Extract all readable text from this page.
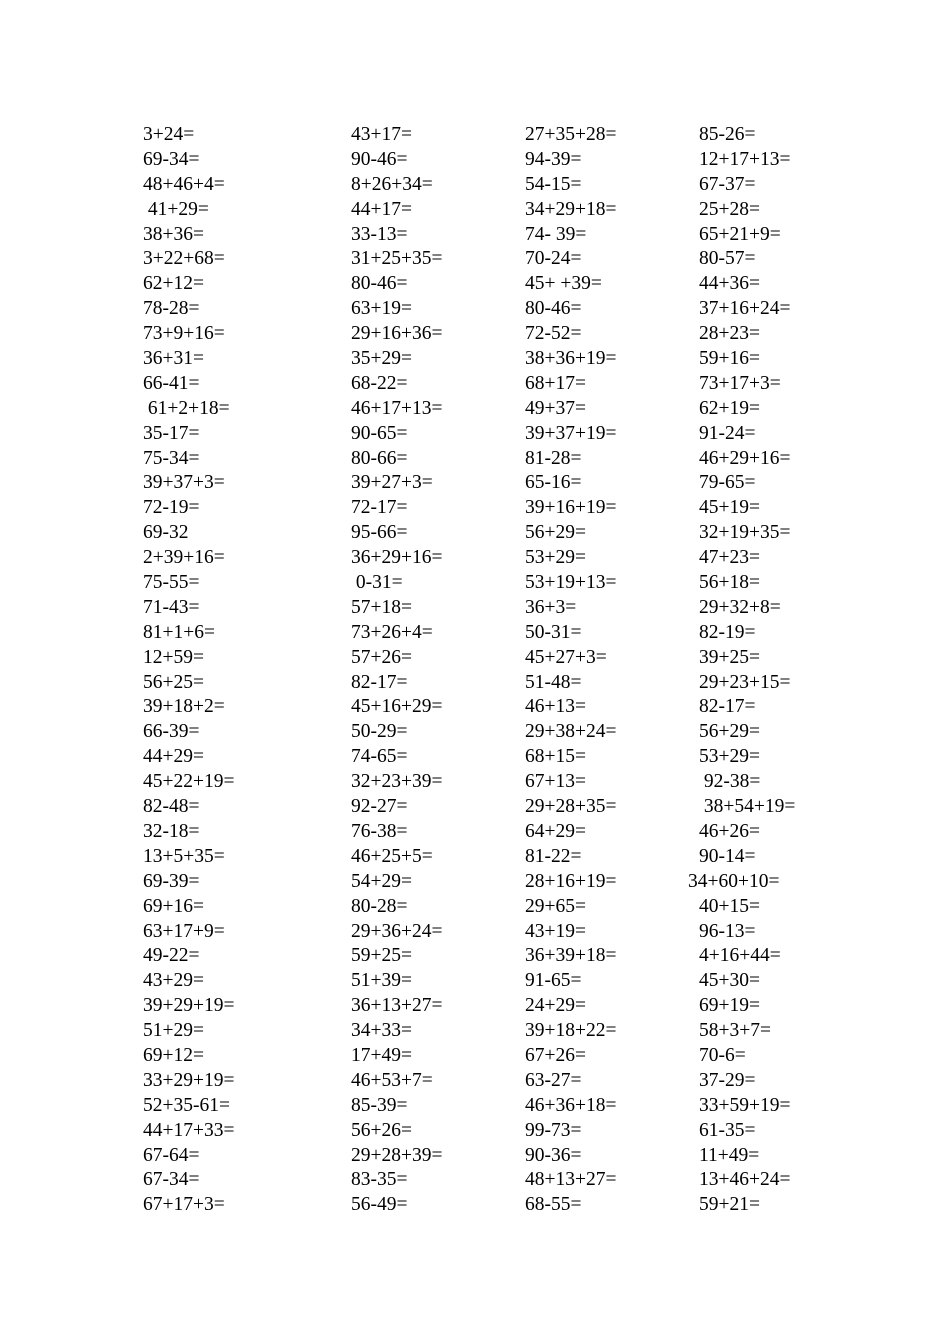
3+24=
69-34=
48+46+4=
41+29=
38+36=
3+22+68=
62+12=
78-28=
73+9+16=
36+31=
66-41=
61+2+18=
35-17=
75-34=
39+37+3=
72-19=
69-32
2+39+16=
75-55=
71-43=
81+1+6=
12+59=
56+25=
39+18+2=
66-39=
44+29=
45+22+19=
82-48=
32-18=
13+5+35=
69-39=
69+16=
63+17+9=
49-22=
43+29=
39+29+19=
51+29=
69+12=
33+29+19=
52+35-61=
44+17+33=
67-64=
67-34=
67+17+3=
43+17=
90-46=
8+26+34=
44+17=
33-13=
31+25+35=
80-46=
63+19=
29+16+36=
35+29=
68-22=
46+17+13=
90-65=
80-66=
39+27+3=
72-17=
95-66=
36+29+16=
0-31=
57+18=
73+26+4=
57+26=
82-17=
45+16+29=
50-29=
74-65=
32+23+39=
92-27=
76-38=
46+25+5=
54+29=
80-28=
29+36+24=
59+25=
51+39=
36+13+27=
34+33=
17+49=
46+53+7=
85-39=
56+26=
29+28+39=
83-35=
56-49=
27+35+28=
94-39=
54-15=
34+29+18=
74- 39=
70-24=
45+ +39=
80-46=
72-52=
38+36+19=
68+17=
49+37=
39+37+19=
81-28=
65-16=
39+16+19=
56+29=
53+29=
53+19+13=
36+3=
50-31=
45+27+3=
51-48=
46+13=
29+38+24=
68+15=
67+13=
29+28+35=
64+29=
81-22=
28+16+19=
29+65=
43+19=
36+39+18=
91-65=
24+29=
39+18+22=
67+26=
63-27=
46+36+18=
99-73=
90-36=
48+13+27=
68-55=
85-26=
12+17+13=
67-37=
25+28=
65+21+9=
80-57=
44+36=
37+16+24=
28+23=
59+16=
73+17+3=
62+19=
91-24=
46+29+16=
79-65=
45+19=
32+19+35=
47+23=
56+18=
29+32+8=
82-19=
39+25=
29+23+15=
82-17=
56+29=
53+29=
92-38=
38+54+19=
46+26=
90-14=
34+60+10=
40+15=
96-13=
4+16+44=
45+30=
69+19=
58+3+7=
70-6=
37-29=
33+59+19=
61-35=
11+49=
13+46+24=
59+21=
